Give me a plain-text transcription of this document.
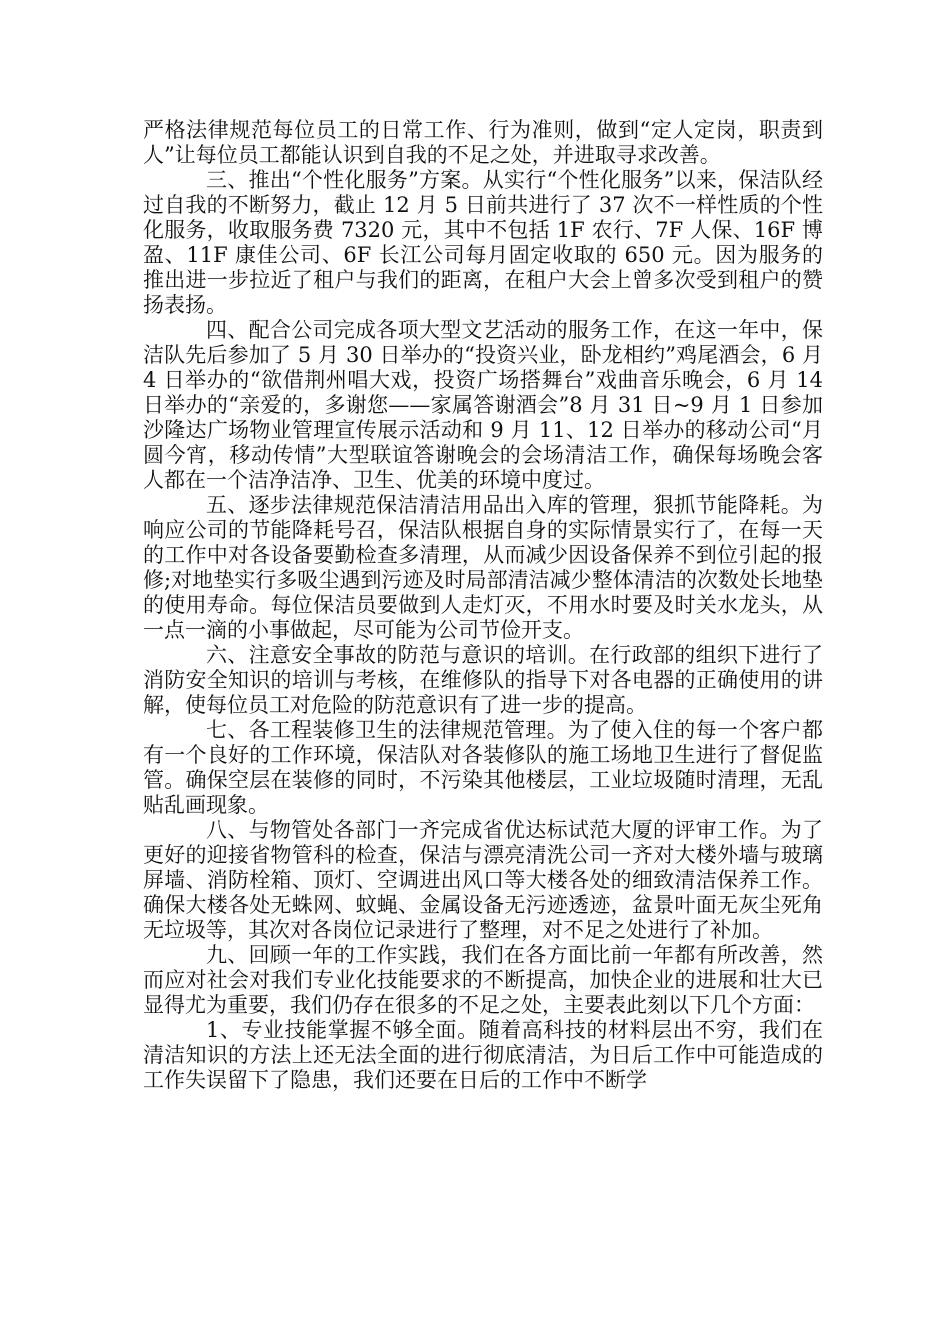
严格法律规范每位员工的日常工作、行为准则，做到“定人定岗，职责到人”让每位员工都能认识到自我的不足之处，并进取寻求改善。

三、推出“个性化服务”方案。从实行“个性化服务”以来，保洁队经过自我的不断努力，截止 12 月 5 日前共进行了 37 次不一样性质的个性化服务，收取服务费 7320 元，其中不包括 1F 农行、7F 人保、16F 博盈、11F 康佳公司、6F 长江公司每月固定收取的 650 元。因为服务的推出进一步拉近了租户与我们的距离，在租户大会上曾多次受到租户的赞扬表扬。

四、配合公司完成各项大型文艺活动的服务工作，在这一年中，保洁队先后参加了 5 月 30 日举办的“投资兴业，卧龙相约”鸡尾酒会，6 月 4 日举办的“欲借荆州唱大戏，投资广场搭舞台”戏曲音乐晚会，6 月 14 日举办的“亲爱的，多谢您——家属答谢酒会”8 月 31 日~9 月 1 日参加沙隆达广场物业管理宣传展示活动和 9 月 11、12 日举办的移动公司“月圆今宵，移动传情”大型联谊答谢晚会的会场清洁工作，确保每场晚会客人都在一个洁净洁净、卫生、优美的环境中度过。

五、逐步法律规范保洁清洁用品出入库的管理，狠抓节能降耗。为响应公司的节能降耗号召，保洁队根据自身的实际情景实行了，在每一天的工作中对各设备要勤检查多清理，从而减少因设备保养不到位引起的报修;对地垫实行多吸尘遇到污迹及时局部清洁减少整体清洁的次数处长地垫的使用寿命。每位保洁员要做到人走灯灭，不用水时要及时关水龙头，从一点一滴的小事做起，尽可能为公司节俭开支。

六、注意安全事故的防范与意识的培训。在行政部的组织下进行了消防安全知识的培训与考核，在维修队的指导下对各电器的正确使用的讲解，使每位员工对危险的防范意识有了进一步的提高。

七、各工程装修卫生的法律规范管理。为了使入住的每一个客户都有一个良好的工作环境，保洁队对各装修队的施工场地卫生进行了督促监管。确保空层在装修的同时，不污染其他楼层，工业垃圾随时清理，无乱贴乱画现象。

八、与物管处各部门一齐完成省优达标试范大厦的评审工作。为了更好的迎接省物管科的检查，保洁与漂亮清洗公司一齐对大楼外墙与玻璃屏墙、消防栓箱、顶灯、空调进出风口等大楼各处的细致清洁保养工作。确保大楼各处无蛛网、蚊蝇、金属设备无污迹透迹，盆景叶面无灰尘死角无垃圾等，其次对各岗位记录进行了整理，对不足之处进行了补加。

九、回顾一年的工作实践，我们在各方面比前一年都有所改善，然而应对社会对我们专业化技能要求的不断提高，加快企业的进展和壮大已显得尤为重要，我们仍存在很多的不足之处，主要表此刻以下几个方面：

1、专业技能掌握不够全面。随着高科技的材料层出不穷，我们在清洁知识的方法上还无法全面的进行彻底清洁，为日后工作中可能造成的工作失误留下了隐患，我们还要在日后的工作中不断学
